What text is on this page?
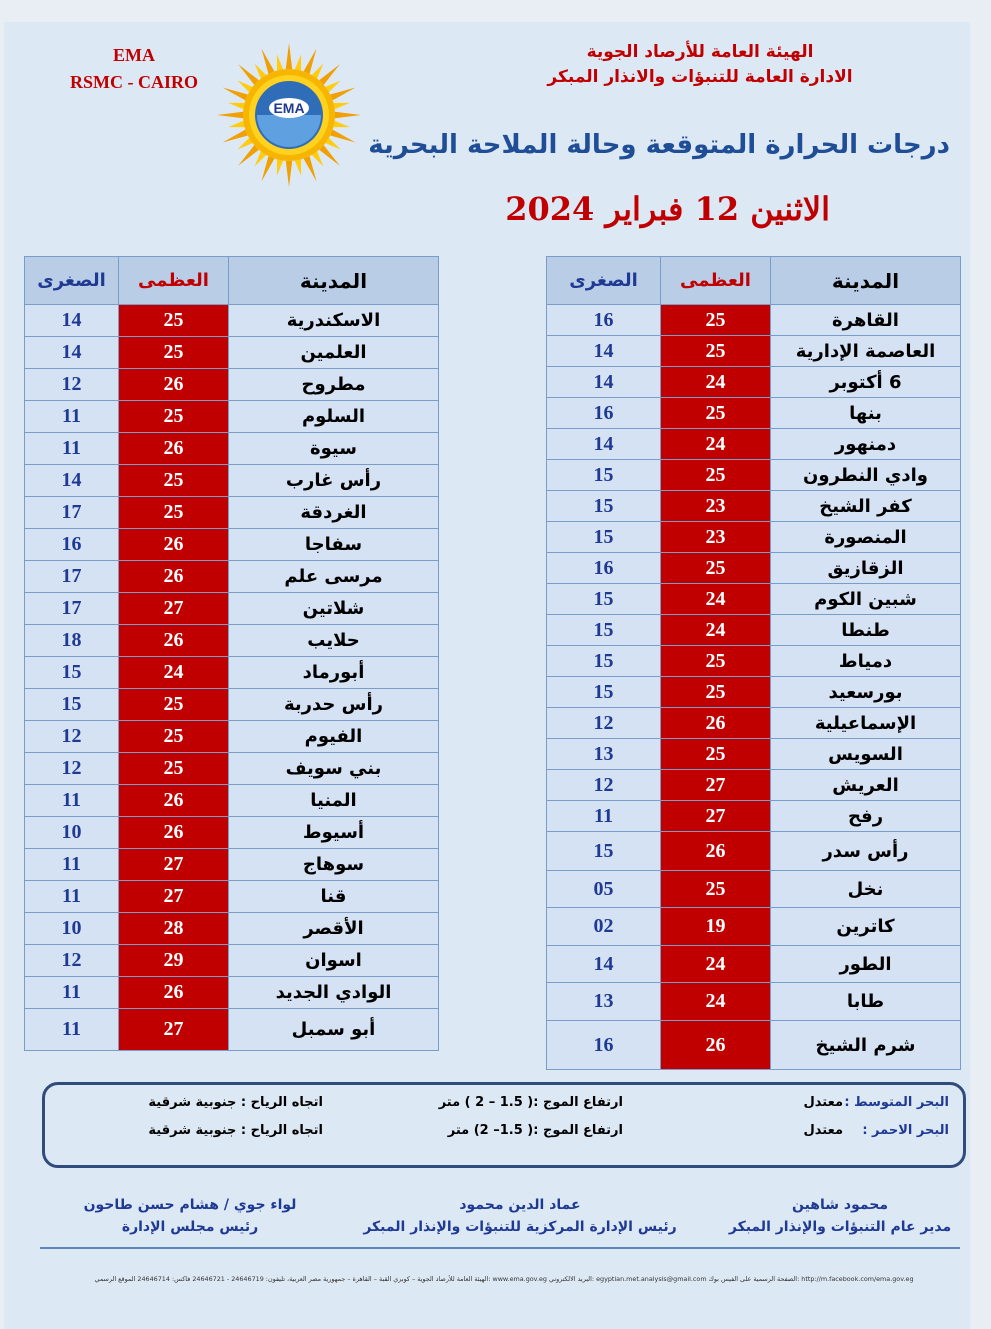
الهيئة العامة للأرصاد الجوية
الادارة العامة للتنبؤات والانذار المبكر
EMA
RSMC - CAIRO
EMA
درجات الحرارة المتوقعة وحالة الملاحة البحرية
الاثنين 12 فبراير 2024
المدينة	العظمى	الصغرى
القاهرة	25	16
العاصمة الإدارية	25	14
6 أكتوبر	24	14
بنها	25	16
دمنهور	24	14
وادي النطرون	25	15
كفر الشيخ	23	15
المنصورة	23	15
الزقازيق	25	16
شبين الكوم	24	15
طنطا	24	15
دمياط	25	15
بورسعيد	25	15
الإسماعيلية	26	12
السويس	25	13
العريش	27	12
رفح	27	11
رأس سدر	26	15
نخل	25	05
كاترين	19	02
الطور	24	14
طابا	24	13
شرم الشيخ	26	16
المدينة	العظمى	الصغرى
الاسكندرية	25	14
العلمين	25	14
مطروح	26	12
السلوم	25	11
سيوة	26	11
رأس غارب	25	14
الغردقة	25	17
سفاجا	26	16
مرسى علم	26	17
شلاتين	27	17
حلايب	26	18
أبورماد	24	15
رأس حدربة	25	15
الفيوم	25	12
بني سويف	25	12
المنيا	26	11
أسيوط	26	10
سوهاج	27	11
قنا	27	11
الأقصر	28	10
اسوان	29	12
الوادي الجديد	26	11
أبو سمبل	27	11
البحر المتوسط :
معتدل
ارتفاع الموج :( 1.5 – 2 ) متر
اتجاه الرياح : جنوبية شرقية
البحر الاحمر :
معتدل
ارتفاع الموج :( 1.5– 2) متر
اتجاه الرياح : جنوبية شرقية
محمود شاهين
مدير عام التنبؤات والإنذار المبكر
عماد الدين محمود
رئيس الإدارة المركزية للتنبؤات والإنذار المبكر
لواء جوي / هشام حسن طاحون
رئيس مجلس الإدارة
الهيئة العامة للأرصاد الجوية – كوبري القبة – القاهرة – جمهورية مصر العربية، تليفون: 24646719 - 24646721 فاكس: 24646714 الموقع الرسمي: www.ema.gov.eg البريد الالكتروني: egyptian.met.analysis@gmail.com الصفحة الرسمية على الفيس بوك: http://m.facebook.com/ema.gov.eg
